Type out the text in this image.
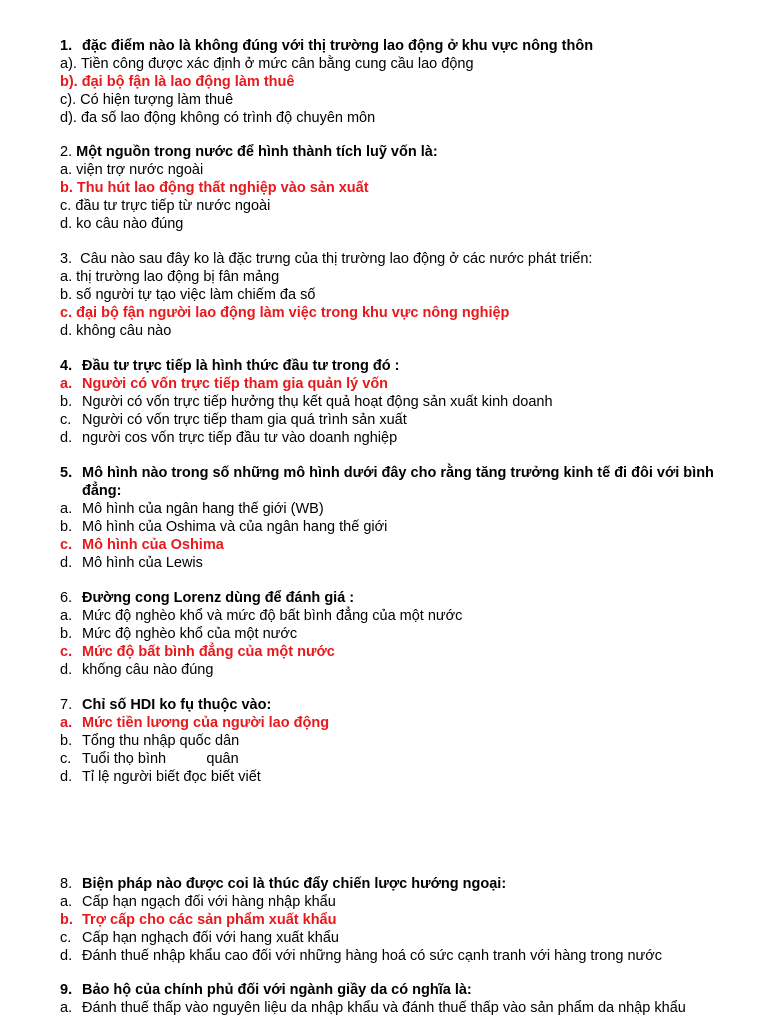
1. đặc điểm nào là không đúng với thị trường lao động ở khu vực nông thôn
a).
Tiền công được xác định ở mức cân bằng cung cầu lao động
b).
đại bộ fận là lao động làm thuê
c).
Có hiện tượng làm thuê
d).
đa số lao động không có trình độ chuyên môn
2.
Một nguồn trong nước để hình thành tích luỹ vốn là:
a.
viện trợ nước ngoài
b.
Thu hút lao động thất nghiệp vào sản xuất
c.
đầu tư trực tiếp từ nước ngoài
d.
ko câu nào đúng
3.
Câu nào sau đây ko là đặc trưng của thị trường lao động ở các nước phát triển:
a.
thị trường lao động bị fân mảng
b.
số người tự tạo việc làm chiếm đa số
c.
đại bộ fận người lao động làm việc trong khu vực nông nghiệp
d.
không câu nào
4. Đầu tư trực tiếp là hình thức đầu tư trong đó :
a. Người có vốn trực tiếp tham gia quản lý vốn
b. Người có vốn trực tiếp hưởng thụ kết quả hoạt động sản xuất kinh doanh
c. Người có vốn trực tiếp tham gia quá trình sản xuất
d. người cos vốn trực tiếp đầu tư vào doanh nghiệp
5. Mô hình nào trong số những mô hình dưới đây cho rằng tăng trưởng kinh tế đi đôi với bình đẳng:
a. Mô hình của ngân hang thế giới (WB)
b. Mô hình của Oshima và của ngân hang thế giới
c. Mô hình của Oshima
d. Mô hình của Lewis
6. Đường cong Lorenz dùng để đánh giá :
a. Mức độ nghèo khổ và mức độ bất bình đẳng của một nước
b. Mức độ nghèo khổ của một nước
c. Mức độ bất bình đẳng của một nước
d. khống câu nào đúng
7. Chỉ số HDI ko fụ thuộc vào:
a. Mức tiền lương của người lao động
b. Tổng thu nhập quốc dân
c. Tuổi thọ bình          quân
d. Tỉ lệ người biết đọc biết viết
8. Biện pháp nào được coi là thúc đẩy chiến lược hướng ngoại:
a. Cấp hạn ngạch đối với hàng nhập khẩu
b. Trợ cấp cho các sản phẩm xuất khẩu
c. Cấp hạn nghạch đối với hang xuất khẩu
d. Đánh thuế nhập khẩu cao đối với những hàng hoá có sức cạnh tranh với hàng trong nước
9. Bảo hộ của chính phủ đối với ngành giầy da có nghĩa là:
a. Đánh thuế thấp vào nguyên liệu da nhập khẩu và đánh thuế thấp vào sản phẩm da nhập khẩu
